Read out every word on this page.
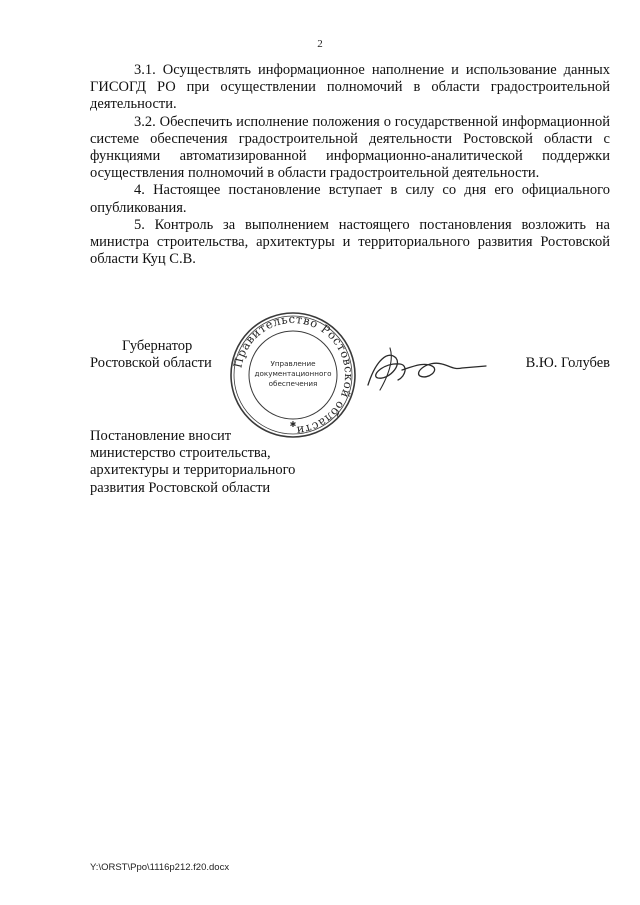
2

3.1. Осуществлять информационное наполнение и использование данных ГИСОГД РО при осуществлении полномочий в области градостроительной деятельности.

3.2. Обеспечить исполнение положения о государственной информационной системе обеспечения градостроительной деятельности Ростовской области с функциями автоматизированной информационно-аналитической поддержки осуществления полномочий в области градостроительной деятельности.

4. Настоящее постановление вступает в силу со дня его официального опубликования.

5. Контроль за выполнением настоящего постановления возложить на министра строительства, архитектуры и территориального развития Ростовской области Куц С.В.

Губернатор
Ростовской области Правительство Ростовской области
Управление
документационного
обеспечения
✱
В.Ю. Голубев
Постановление вносит
министерство строительства,
архитектуры и территориального
развития Ростовской области
Y:\ORST\Ppo\1116p212.f20.docx
